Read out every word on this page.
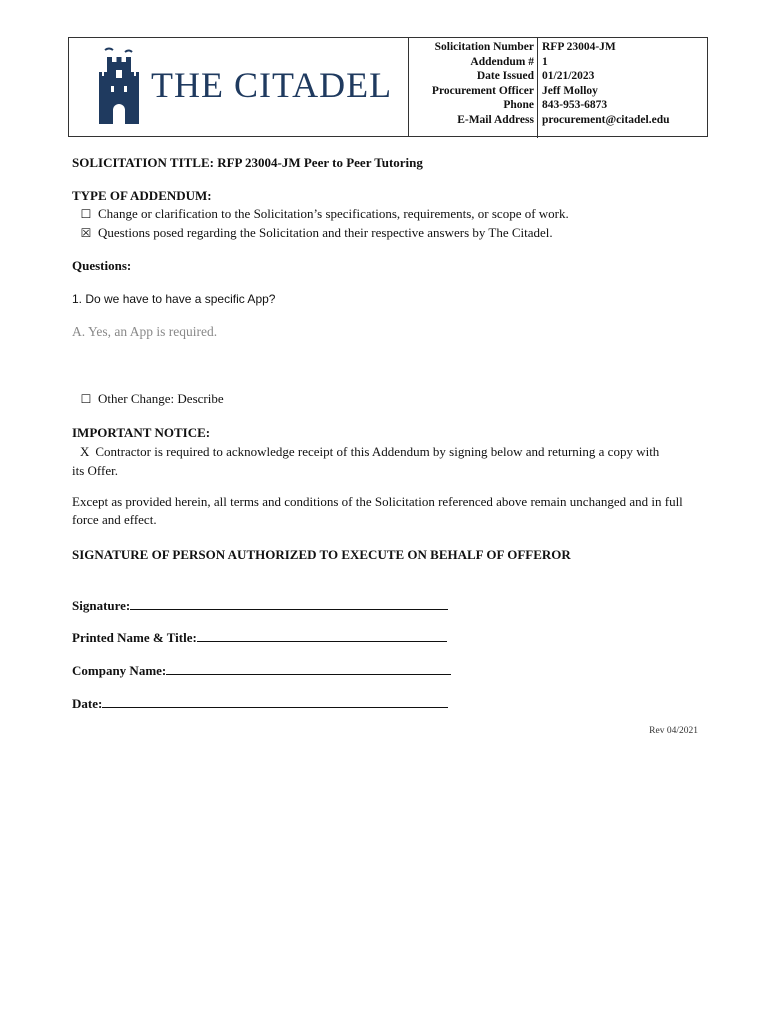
THE CITADEL
Solicitation Number
Addendum #
Date Issued
Procurement Officer
Phone
E-Mail Address
RFP 23004-JM
1
01/21/2023
Jeff Molloy
843-953-6873
procurement@citadel.edu
SOLICITATION TITLE: RFP 23004-JM Peer to Peer Tutoring
TYPE OF ADDENDUM:
☐ Change or clarification to the Solicitation’s specifications, requirements, or scope of work.
☒ Questions posed regarding the Solicitation and their respective answers by The Citadel.
Questions:
1. Do we have to have a specific App?
A. Yes, an App is required.
☐ Other Change: Describe
IMPORTANT NOTICE:
X Contractor is required to acknowledge receipt of this Addendum by signing below and returning a copy with
its Offer.
Except as provided herein, all terms and conditions of the Solicitation referenced above remain unchanged and in full force and effect.
SIGNATURE OF PERSON AUTHORIZED TO EXECUTE ON BEHALF OF OFFEROR
Signature:
Printed Name & Title:
Company Name:
Date:
Rev 04/2021
